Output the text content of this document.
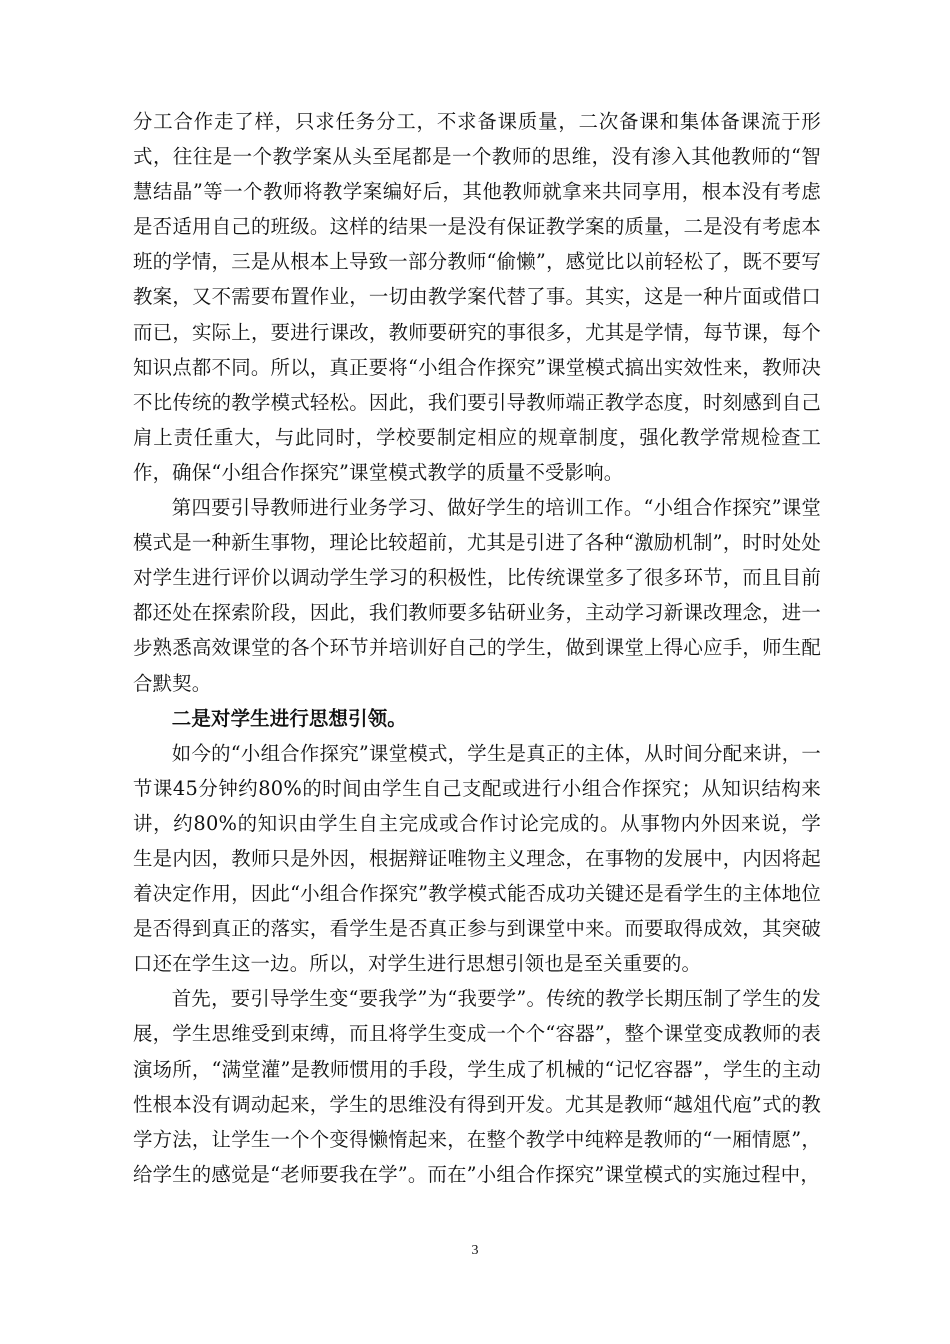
分工合作走了样，只求任务分工，不求备课质量，二次备课和集体备课流于形式，往往是一个教学案从头至尾都是一个教师的思维，没有渗入其他教师的“智慧结晶”等一个教师将教学案编好后，其他教师就拿来共同享用，根本没有考虑是否适用自己的班级。这样的结果一是没有保证教学案的质量，二是没有考虑本班的学情，三是从根本上导致一部分教师“偷懒”，感觉比以前轻松了，既不要写教案，又不需要布置作业，一切由教学案代替了事。其实，这是一种片面或借口而已，实际上，要进行课改，教师要研究的事很多，尤其是学情，每节课，每个知识点都不同。所以，真正要将“小组合作探究”课堂模式搞出实效性来，教师决不比传统的教学模式轻松。因此，我们要引导教师端正教学态度，时刻感到自己肩上责任重大，与此同时，学校要制定相应的规章制度，强化教学常规检查工作，确保“小组合作探究”课堂模式教学的质量不受影响。

第四要引导教师进行业务学习、做好学生的培训工作。“小组合作探究”课堂模式是一种新生事物，理论比较超前，尤其是引进了各种“激励机制”，时时处处对学生进行评价以调动学生学习的积极性，比传统课堂多了很多环节，而且目前都还处在探索阶段，因此，我们教师要多钻研业务，主动学习新课改理念，进一步熟悉高效课堂的各个环节并培训好自己的学生，做到课堂上得心应手，师生配合默契。

二是对学生进行思想引领。

如今的“小组合作探究”课堂模式，学生是真正的主体，从时间分配来讲，一节课45分钟约80%的时间由学生自己支配或进行小组合作探究；从知识结构来讲，约80%的知识由学生自主完成或合作讨论完成的。从事物内外因来说，学生是内因，教师只是外因，根据辩证唯物主义理念，在事物的发展中，内因将起着决定作用，因此“小组合作探究”教学模式能否成功关键还是看学生的主体地位是否得到真正的落实，看学生是否真正参与到课堂中来。而要取得成效，其突破口还在学生这一边。所以，对学生进行思想引领也是至关重要的。

首先，要引导学生变“要我学”为“我要学”。传统的教学长期压制了学生的发展，学生思维受到束缚，而且将学生变成一个个“容器”，整个课堂变成教师的表演场所，“满堂灌”是教师惯用的手段，学生成了机械的“记忆容器”，学生的主动性根本没有调动起来，学生的思维没有得到开发。尤其是教师“越俎代庖”式的教学方法，让学生一个个变得懒惰起来，在整个教学中纯粹是教师的“一厢情愿”，给学生的感觉是“老师要我在学”。而在”小组合作探究”课堂模式的实施过程中，

3
